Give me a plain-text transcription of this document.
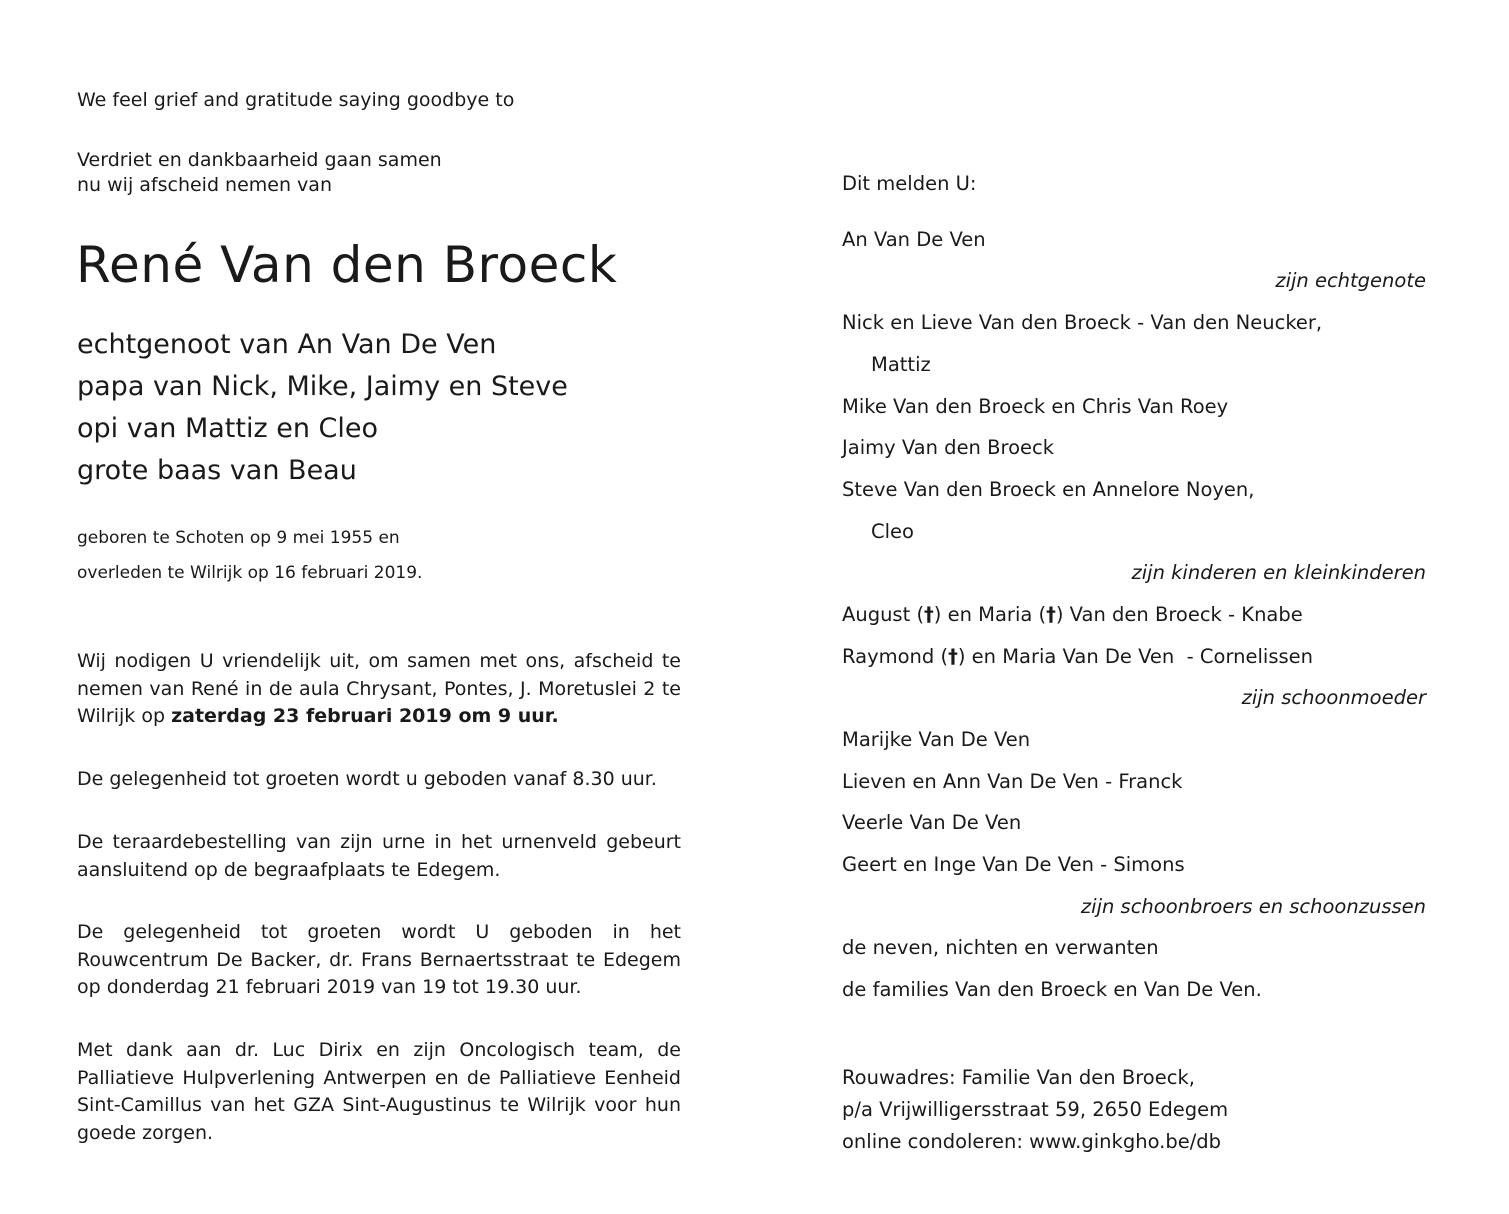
We feel grief and gratitude saying goodbye to
Verdriet en dankbaarheid gaan samen
nu wij afscheid nemen van
René Van den Broeck
echtgenoot van An Van De Ven
papa van Nick, Mike, Jaimy en Steve
opi van Mattiz en Cleo
grote baas van Beau
geboren te Schoten op 9 mei 1955 en
overleden te Wilrijk op 16 februari 2019.
Wij nodigen U vriendelijk uit, om samen met ons, afscheid te nemen van René in de aula Chrysant, Pontes, J. Moretuslei 2 te Wilrijk op zaterdag 23 februari 2019 om 9 uur.
De gelegenheid tot groeten wordt u geboden vanaf 8.30 uur.
De teraardebestelling van zijn urne in het urnenveld gebeurt aansluitend op de begraafplaats te Edegem.
De gelegenheid tot groeten wordt U geboden in het Rouwcentrum De Backer, dr. Frans Bernaertsstraat te Edegem op donderdag 21 februari 2019 van 19 tot 19.30 uur.
Met dank aan dr. Luc Dirix en zijn Oncologisch team, de Palliatieve Hulpverlening Antwerpen en de Palliatieve Eenheid Sint-Camillus van het GZA Sint-Augustinus te Wilrijk voor hun goede zorgen.
Dit melden U:
An Van De Ven
zijn echtgenote
Nick en Lieve Van den Broeck - Van den Neucker,
Mattiz
Mike Van den Broeck en Chris Van Roey
Jaimy Van den Broeck
Steve Van den Broeck en Annelore Noyen,
Cleo
zijn kinderen en kleinkinderen
August (†) en Maria (†) Van den Broeck - Knabe
Raymond (†) en Maria Van De Ven  - Cornelissen
zijn schoonmoeder
Marijke Van De Ven
Lieven en Ann Van De Ven - Franck
Veerle Van De Ven
Geert en Inge Van De Ven - Simons
zijn schoonbroers en schoonzussen
de neven, nichten en verwanten
de families Van den Broeck en Van De Ven.
Rouwadres: Familie Van den Broeck,
p/a Vrijwilligersstraat 59, 2650 Edegem
online condoleren: www.ginkgho.be/db
